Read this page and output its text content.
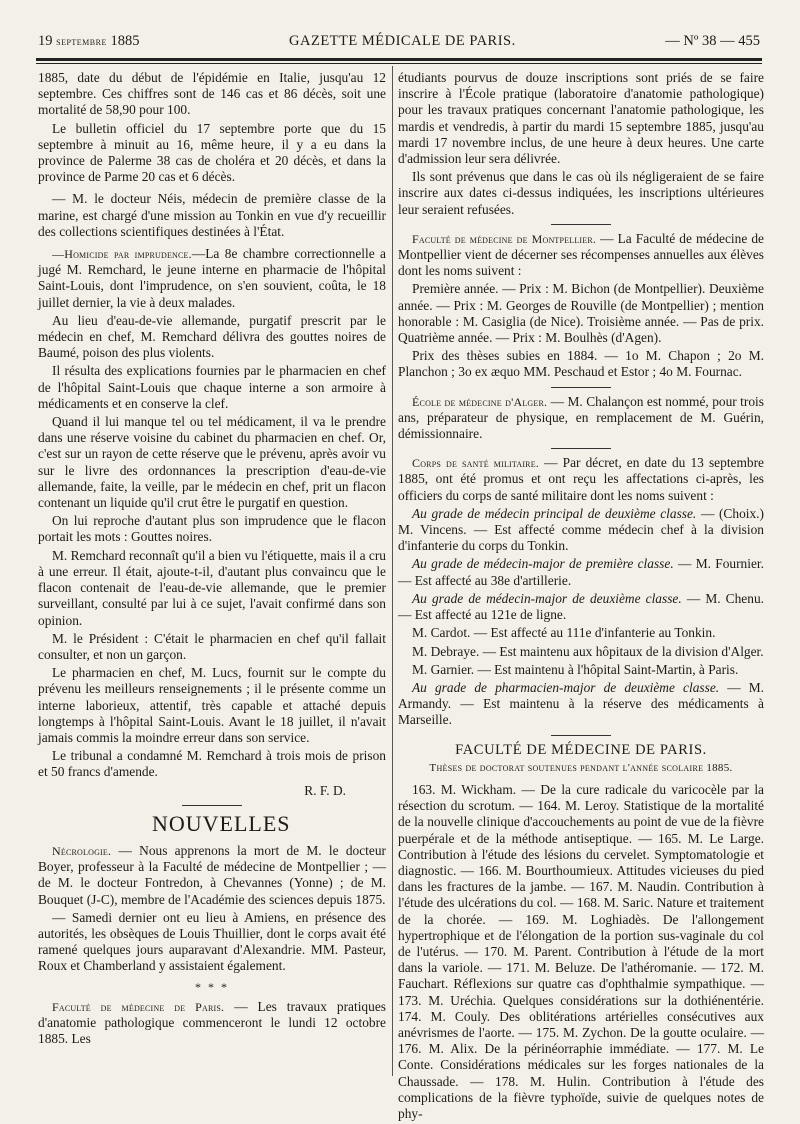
19 septembre 1885	GAZETTE MÉDICALE DE PARIS.	— Nº 38 — 455

1885, date du début de l'épidémie en Italie, jusqu'au 12 septembre. Ces chiffres sont de 146 cas et 86 décès, soit une mortalité de 58,90 pour 100.

Le bulletin officiel du 17 septembre porte que du 15 septembre à minuit au 16, même heure, il y a eu dans la province de Palerme 38 cas de choléra et 20 décès, et dans la province de Parme 20 cas et 6 décès.

— M. le docteur Néis, médecin de première classe de la marine, est chargé d'une mission au Tonkin en vue d'y recueillir des collections scientifiques destinées à l'État.

—Homicide par imprudence.—La 8e chambre correctionnelle a jugé M. Remchard, le jeune interne en pharmacie de l'hôpital Saint-Louis, dont l'imprudence, on s'en souvient, coûta, le 18 juillet dernier, la vie à deux malades.

Au lieu d'eau-de-vie allemande, purgatif prescrit par le médecin en chef, M. Remchard délivra des gouttes noires de Baumé, poison des plus violents.

Il résulta des explications fournies par le pharmacien en chef de l'hôpital Saint-Louis que chaque interne a son armoire à médicaments et en conserve la clef.

Quand il lui manque tel ou tel médicament, il va le prendre dans une réserve voisine du cabinet du pharmacien en chef. Or, c'est sur un rayon de cette réserve que le prévenu, après avoir vu sur le livre des ordonnances la prescription d'eau-de-vie allemande, faite, la veille, par le médecin en chef, prit un flacon contenant un liquide qu'il crut être le purgatif en question.

On lui reproche d'autant plus son imprudence que le flacon portait les mots : Gouttes noires.

M. Remchard reconnaît qu'il a bien vu l'étiquette, mais il a cru à une erreur. Il était, ajoute-t-il, d'autant plus convaincu que le flacon contenait de l'eau-de-vie allemande, que le premier surveillant, consulté par lui à ce sujet, l'avait confirmé dans son opinion.

M. le Président : C'était le pharmacien en chef qu'il fallait consulter, et non un garçon.

Le pharmacien en chef, M. Lucs, fournit sur le compte du prévenu les meilleurs renseignements ; il le présente comme un interne laborieux, attentif, très capable et attaché depuis longtemps à l'hôpital Saint-Louis. Avant le 18 juillet, il n'avait jamais commis la moindre erreur dans son service.

Le tribunal a condamné M. Remchard à trois mois de prison et 50 francs d'amende.

R. F. D.

NOUVELLES

Nécrologie. — Nous apprenons la mort de M. le docteur Boyer, professeur à la Faculté de médecine de Montpellier ; — de M. le docteur Fontredon, à Chevannes (Yonne) ; de M. Bouquet (J-C), membre de l'Académie des sciences depuis 1875.

— Samedi dernier ont eu lieu à Amiens, en présence des autorités, les obsèques de Louis Thuillier, dont le corps avait été ramené quelques jours auparavant d'Alexandrie. MM. Pasteur, Roux et Chamberland y assistaient également.

* * *

Faculté de médecine de Paris. — Les travaux pratiques d'anatomie pathologique commenceront le lundi 12 octobre 1885. Les

étudiants pourvus de douze inscriptions sont priés de se faire inscrire à l'École pratique (laboratoire d'anatomie pathologique) pour les travaux pratiques concernant l'anatomie pathologique, les mardis et vendredis, à partir du mardi 15 septembre 1885, jusqu'au mardi 17 novembre inclus, de une heure à deux heures. Une carte d'admission leur sera délivrée.

Ils sont prévenus que dans le cas où ils négligeraient de se faire inscrire aux dates ci-dessus indiquées, les inscriptions ultérieures leur seraient refusées.

Faculté de médecine de Montpellier. — La Faculté de médecine de Montpellier vient de décerner ses récompenses annuelles aux élèves dont les noms suivent :

Première année. — Prix : M. Bichon (de Montpellier). Deuxième année. — Prix : M. Georges de Rouville (de Montpellier) ; mention honorable : M. Casiglia (de Nice). Troisième année. — Pas de prix. Quatrième année. — Prix : M. Boulhès (d'Agen).

Prix des thèses subies en 1884. — 1o M. Chapon ; 2o M. Planchon ; 3o ex æquo MM. Peschaud et Estor ; 4o M. Fournac.

École de médecine d'Alger. — M. Chalançon est nommé, pour trois ans, préparateur de physique, en remplacement de M. Guérin, démissionnaire.

Corps de santé militaire. — Par décret, en date du 13 septembre 1885, ont été promus et ont reçu les affectations ci-après, les officiers du corps de santé militaire dont les noms suivent :

Au grade de médecin principal de deuxième classe. — (Choix.) M. Vincens. — Est affecté comme médecin chef à la division d'infanterie du corps du Tonkin.

Au grade de médecin-major de première classe. — M. Fournier. — Est affecté au 38e d'artillerie.

Au grade de médecin-major de deuxième classe. — M. Chenu. — Est affecté au 121e de ligne.

M. Cardot. — Est affecté au 111e d'infanterie au Tonkin.

M. Debraye. — Est maintenu aux hôpitaux de la division d'Alger.

M. Garnier. — Est maintenu à l'hôpital Saint-Martin, à Paris.

Au grade de pharmacien-major de deuxième classe. — M. Armandy. — Est maintenu à la réserve des médicaments à Marseille.

FACULTÉ DE MÉDECINE DE PARIS.
Thèses de doctorat soutenues pendant l'année scolaire 1885.

163. M. Wickham. — De la cure radicale du varicocèle par la résection du scrotum. — 164. M. Leroy. Statistique de la mortalité de la nouvelle clinique d'accouchements au point de vue de la fièvre puerpérale et de la méthode antiseptique. — 165. M. Le Large. Contribution à l'étude des lésions du cervelet. Symptomatologie et diagnostic. — 166. M. Bourthoumieux. Attitudes vicieuses du pied dans les fractures de la jambe. — 167. M. Naudin. Contribution à l'étude des ulcérations du col. — 168. M. Saric. Nature et traitement de la chorée. — 169. M. Loghiadès. De l'allongement hypertrophique et de l'élongation de la portion sus-vaginale du col de l'utérus. — 170. M. Parent. Contribution à l'étude de la mort dans la variole. — 171. M. Beluze. De l'athéromanie. — 172. M. Fauchart. Réflexions sur quatre cas d'ophthalmie sympathique. — 173. M. Uréchia. Quelques considérations sur la dothiénentérie. 174. M. Couly. Des oblitérations artérielles consécutives aux anévrismes de l'aorte. — 175. M. Zychon. De la goutte oculaire. — 176. M. Alix. De la périnéorraphie immédiate. — 177. M. Le Conte. Considérations médicales sur les forges nationales de la Chaussade. — 178. M. Hulin. Contribution à l'étude des complications de la fièvre typhoïde, suivie de quelques notes de phy-
